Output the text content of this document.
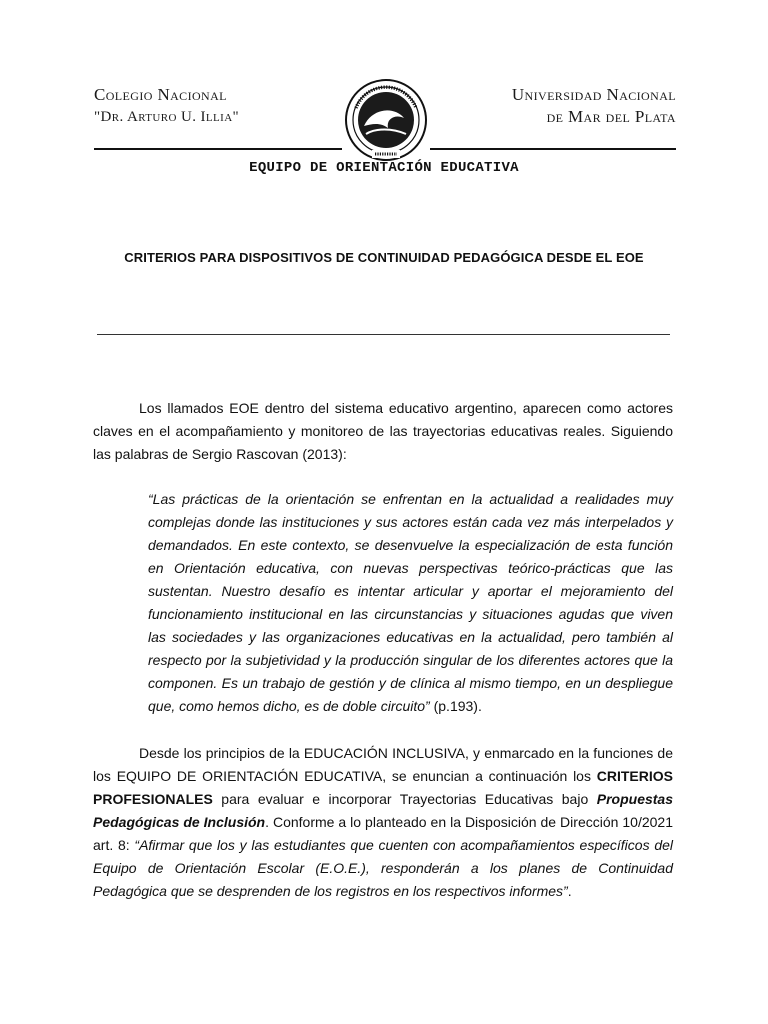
Colegio Nacional
"Dr. Arturo U. Illia"
Universidad Nacional
de Mar del Plata
EQUIPO DE ORIENTACIÓN EDUCATIVA
CRITERIOS PARA DISPOSITIVOS DE CONTINUIDAD PEDAGÓGICA DESDE EL EOE
Los llamados EOE dentro del sistema educativo argentino, aparecen como actores claves en el acompañamiento y monitoreo de las trayectorias educativas reales. Siguiendo las palabras de Sergio Rascovan (2013):
“Las prácticas de la orientación se enfrentan en la actualidad a realidades muy complejas donde las instituciones y sus actores están cada vez más interpelados y demandados. En este contexto, se desenvuelve la especialización de esta función en Orientación educativa, con nuevas perspectivas teórico-prácticas que las sustentan. Nuestro desafío es intentar articular y aportar el mejoramiento del funcionamiento institucional en las circunstancias y situaciones agudas que viven las sociedades y las organizaciones educativas en la actualidad, pero también al respecto por la subjetividad y la producción singular de los diferentes actores que la componen. Es un trabajo de gestión y de clínica al mismo tiempo, en un despliegue que, como hemos dicho, es de doble circuito” (p.193).
Desde los principios de la EDUCACIÓN INCLUSIVA, y enmarcado en la funciones de los EQUIPO DE ORIENTACIÓN EDUCATIVA, se enuncian a continuación los CRITERIOS PROFESIONALES para evaluar e incorporar Trayectorias Educativas bajo Propuestas Pedagógicas de Inclusión. Conforme a lo planteado en la Disposición de Dirección 10/2021 art. 8: “Afirmar que los y las estudiantes que cuenten con acompañamientos específicos del Equipo de Orientación Escolar (E.O.E.), responderán a los planes de Continuidad Pedagógica que se desprenden de los registros en los respectivos informes”.
